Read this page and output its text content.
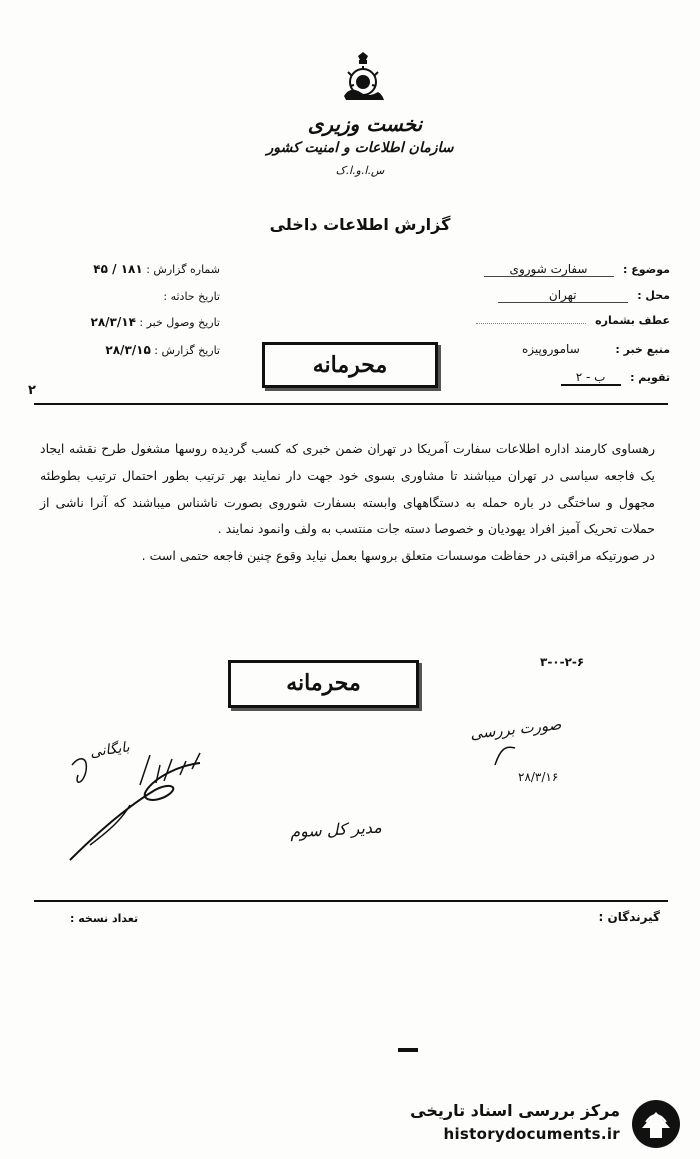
نخست وزیری
سازمان اطلاعات و امنیت کشور
س.ا.و.ا.ک
گزارش اطلاعات داخلی
موضوع : سفارت شوروی
محل : تهران
عطف بشماره
منبع خبر : ساموروپیزه
تقویم : ب - ۲
شماره گزارش : ۱۸۱ / ۴۵
تاریخ حادثه :
تاریخ وصول خبر : ۲۸/۳/۱۴
تاریخ گزارش : ۲۸/۳/۱۵
۲
محرمانه

رهساوی کارمند اداره اطلاعات سفارت آمریکا در تهران ضمن خبری که کسب گردیده روسها مشغول طرح نقشه ایجاد یک فاجعه سیاسی در تهران میباشند تا مشاوری بسوی خود جهت دار نمایند بهر ترتیب بطور احتمال ترتیب بطوطئه مجهول و ساختگی در باره حمله به دستگاههای وابسته بسفارت شوروی بصورت ناشناس میباشند که آنرا ناشی از حملات تحریک آمیز افراد یهودیان و خصوصا دسته جات منتسب به ولف وانمود نمایند .

در صورتیکه مراقبتی در حفاظت موسسات متعلق بروسها بعمل نیاید وقوع چنین فاجعه حتمی است .

۳-۰-۲-۶
محرمانه
صورت بررسی
۲۸/۳/۱۶
مدیر کل سوم
بایگانی
گیرندگان :
تعداد نسخه :
مرکز بررسی اسناد تاریخی
historydocuments.ir
